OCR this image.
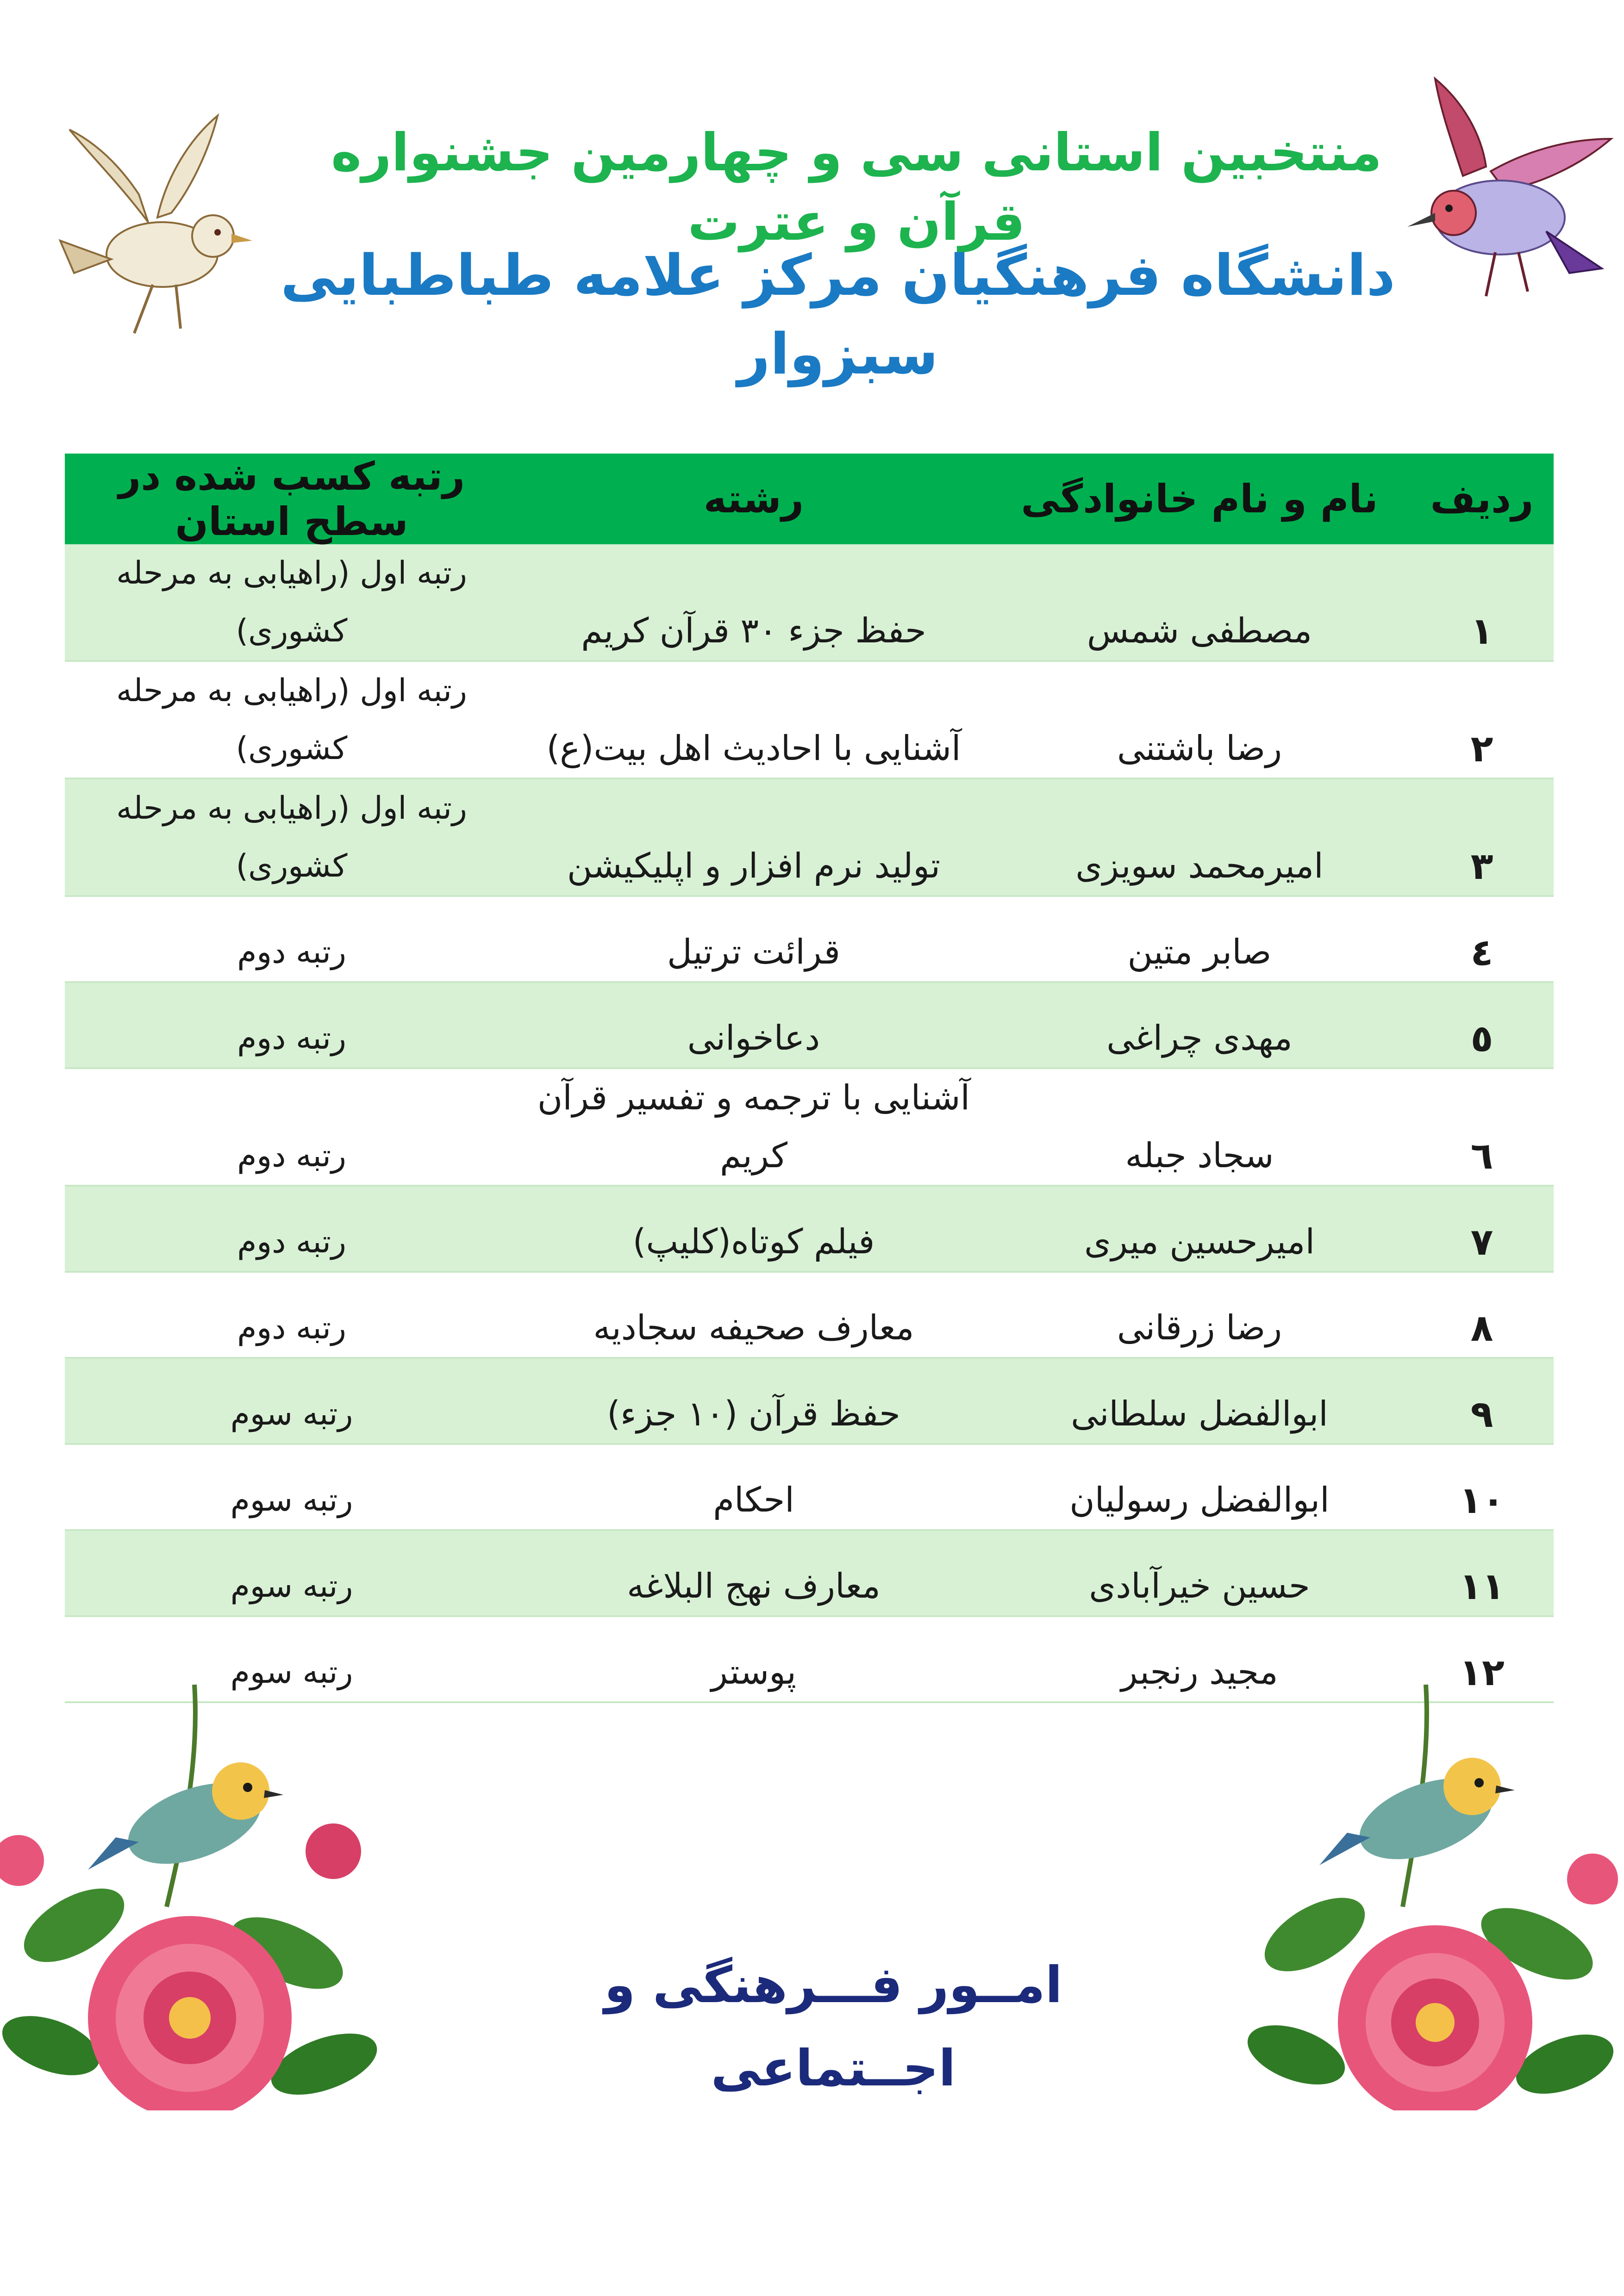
منتخبین استانی سی و چهارمین جشنواره قرآن و عترت
دانشگاه فرهنگیان مرکز علامه طباطبایی سبزوار
ردیف	نام و نام خانوادگی	رشته	رتبه کسب شده در سطح استان
۱	مصطفی شمس	حفظ جزء ۳۰ قرآن کریم	رتبه اول (راهیابی به مرحله کشوری)
۲	رضا باشتنی	آشنایی با احادیث اهل بیت(ع)	رتبه اول (راهیابی به مرحله کشوری)
۳	امیرمحمد سویزی	تولید نرم افزار و اپلیکیشن	رتبه اول (راهیابی به مرحله کشوری)
٤	صابر متین	قرائت ترتیل	رتبه دوم
٥	مهدی چراغی	دعاخوانی	رتبه دوم
٦	سجاد جبله	آشنایی با ترجمه و تفسیر قرآن کریم	رتبه دوم
۷	امیرحسین میری	فیلم کوتاه(کلیپ)	رتبه دوم
۸	رضا زرقانی	معارف صحیفه سجادیه	رتبه دوم
۹	ابوالفضل سلطانی	حفظ قرآن (۱۰ جزء)	رتبه سوم
۱۰	ابوالفضل رسولیان	احکام	رتبه سوم
۱۱	حسین خیرآبادی	معارف نهج البلاغه	رتبه سوم
۱۲	مجید رنجبر	پوستر	رتبه سوم
امــور فـــرهنگی و اجــتماعی
